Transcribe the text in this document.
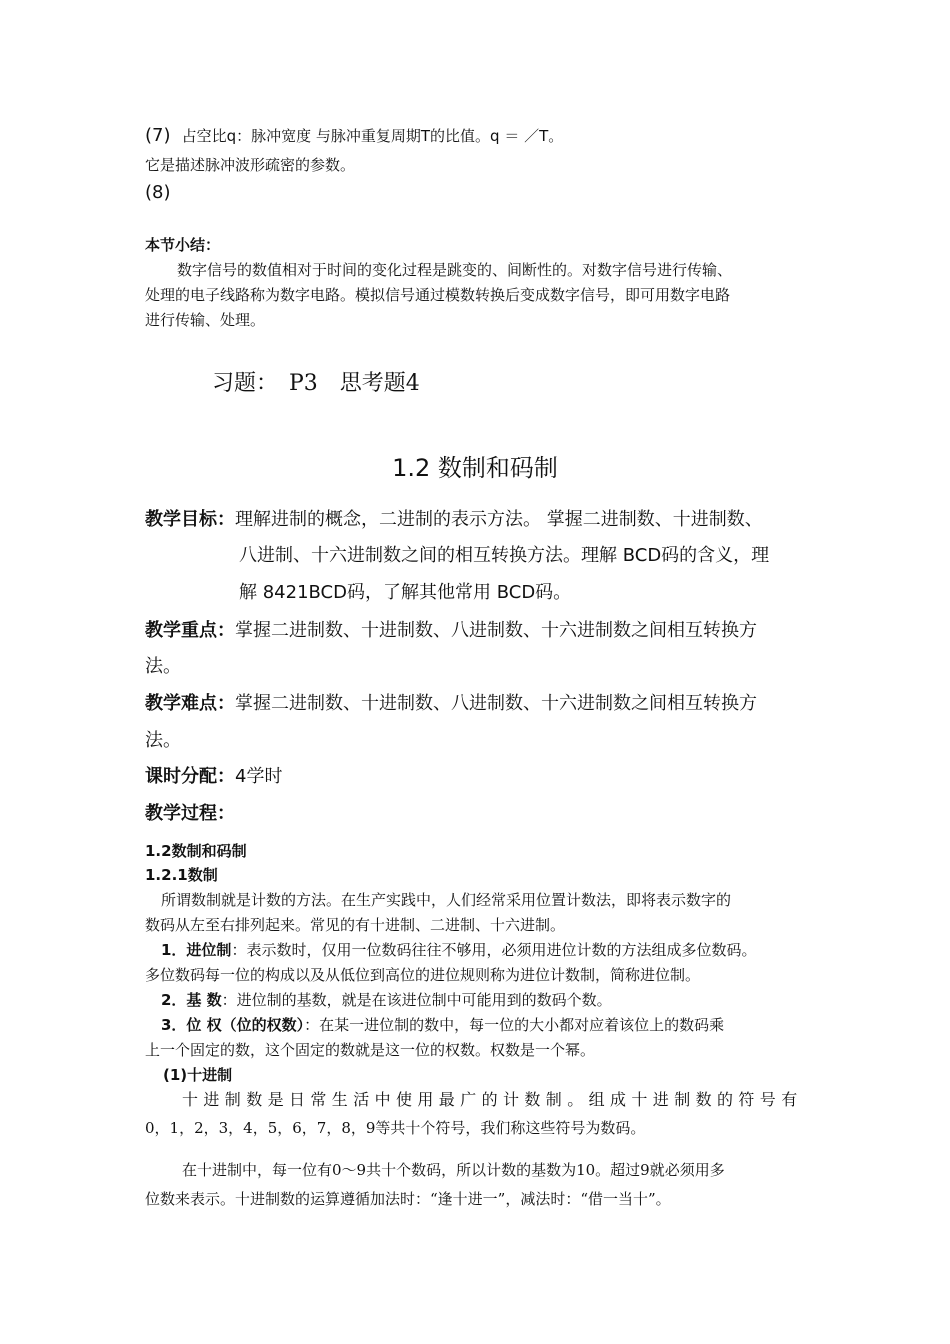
(7) 占空比q：脉冲宽度 与脉冲重复周期T的比值。q ＝ ／T。
它是描述脉冲波形疏密的参数。
(8)
本节小结：
数字信号的数值相对于时间的变化过程是跳变的、间断性的。对数字信号进行传输、
处理的电子线路称为数字电路。模拟信号通过模数转换后变成数字信号，即可用数字电路
进行传输、处理。
习题：　P3　思考题4
1.2 数制和码制
教学目标：理解进制的概念，二进制的表示方法。 掌握二进制数、十进制数、
八进制、十六进制数之间的相互转换方法。理解 BCD码的含义，理
解 8421BCD码，了解其他常用 BCD码。
教学重点：掌握二进制数、十进制数、八进制数、十六进制数之间相互转换方
法。
教学难点：掌握二进制数、十进制数、八进制数、十六进制数之间相互转换方
法。
课时分配：4学时
教学过程：
1.2数制和码制
1.2.1数制
所谓数制就是计数的方法。在生产实践中，人们经常采用位置计数法，即将表示数字的
数码从左至右排列起来。常见的有十进制、二进制、十六进制。
1．进位制：表示数时，仅用一位数码往往不够用，必须用进位计数的方法组成多位数码。
多位数码每一位的构成以及从低位到高位的进位规则称为进位计数制，简称进位制。
2．基 数：进位制的基数，就是在该进位制中可能用到的数码个数。
3．位 权（位的权数）：在某一进位制的数中，每一位的大小都对应着该位上的数码乘
上一个固定的数，这个固定的数就是这一位的权数。权数是一个幂。
(1)十进制
十进制数是日常生活中使用最广的计数制。组成十进制数的符号有
0，1，2，3，4，5，6，7，8，9等共十个符号，我们称这些符号为数码。
在十进制中，每一位有0～9共十个数码，所以计数的基数为10。超过9就必须用多
位数来表示。十进制数的运算遵循加法时：“逢十进一”，减法时：“借一当十”。
